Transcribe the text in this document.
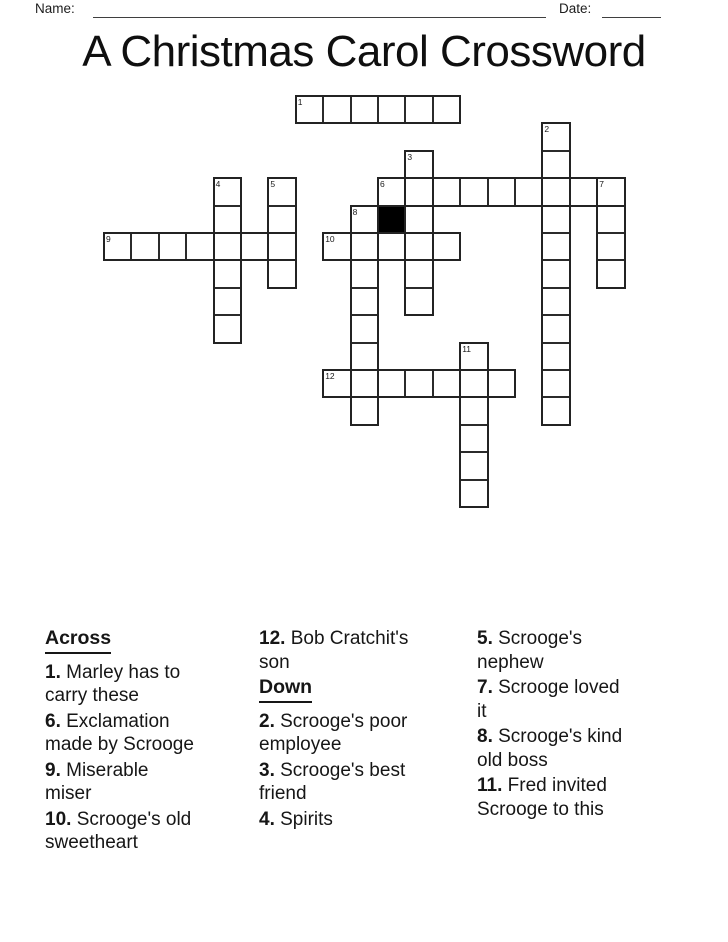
Name:	Date:
A Christmas Carol Crossword
1
2
3
4	5	6	7
8
9	10
11
12
Across
1. Marley has to carry these
6. Exclamation made by Scrooge
9. Miserable miser
10. Scrooge's old sweetheart
12. Bob Cratchit's son
Down
2. Scrooge's poor employee
3. Scrooge's best friend
4. Spirits
5. Scrooge's nephew
7. Scrooge loved it
8. Scrooge's kind old boss
11. Fred invited Scrooge to this
